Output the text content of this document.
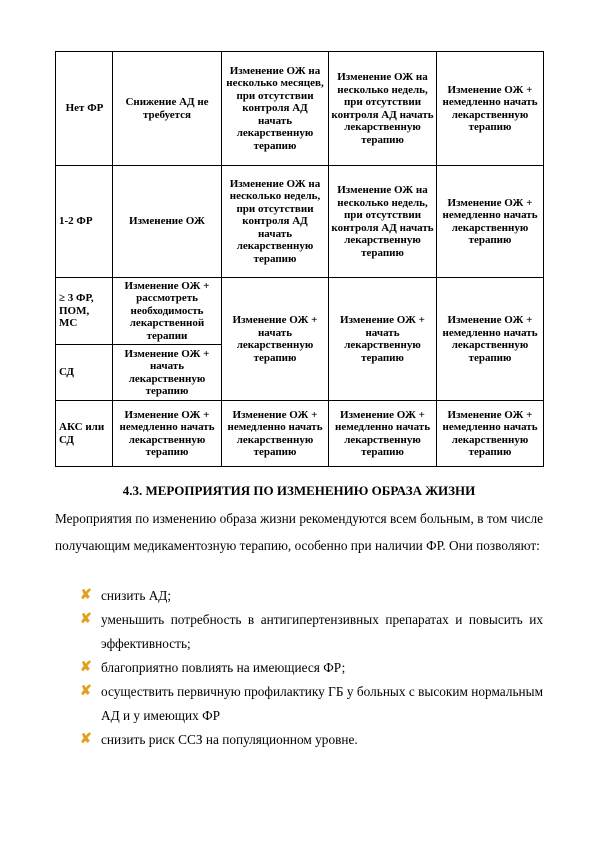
Нет ФР	Снижение АД не требуется	Изменение ОЖ на несколько месяцев, при отсутствии контроля АД начать лекарственную терапию	Изменение ОЖ на несколько недель, при отсутствии контроля АД начать лекарственную терапию	Изменение ОЖ + немедленно начать лекарственную терапию
1-2 ФР	Изменение ОЖ	Изменение ОЖ на несколько недель, при отсутствии контроля АД начать лекарственную терапию	Изменение ОЖ на несколько недель, при отсутствии контроля АД начать лекарственную терапию	Изменение ОЖ + немедленно начать лекарственную терапию
≥ 3 ФР, ПОМ, МС	Изменение ОЖ + рассмотреть необходимость лекарственной терапии	Изменение ОЖ + начать лекарственную терапию	Изменение ОЖ + начать лекарственную терапию	Изменение ОЖ + немедленно начать лекарственную терапию
СД	Изменение ОЖ + начать лекарственную терапию			
АКС или СД	Изменение ОЖ + немедленно начать лекарственную терапию	Изменение ОЖ + немедленно начать лекарственную терапию	Изменение ОЖ + немедленно начать лекарственную терапию	Изменение ОЖ + немедленно начать лекарственную терапию
4.3. МЕРОПРИЯТИЯ ПО ИЗМЕНЕНИЮ ОБРАЗА ЖИЗНИ

Мероприятия по изменению образа жизни рекомендуются всем больным, в том числе получающим медикаментозную терапию, особенно при наличии ФР. Они позволяют:

✘ снизить АД;
✘ уменьшить потребность в антигипертензивных препаратах и повысить их эффективность;
✘ благоприятно повлиять на имеющиеся ФР;
✘ осуществить первичную профилактику ГБ у больных с высоким нормальным АД и у имеющих ФР
✘ снизить риск ССЗ на популяционном уровне.
